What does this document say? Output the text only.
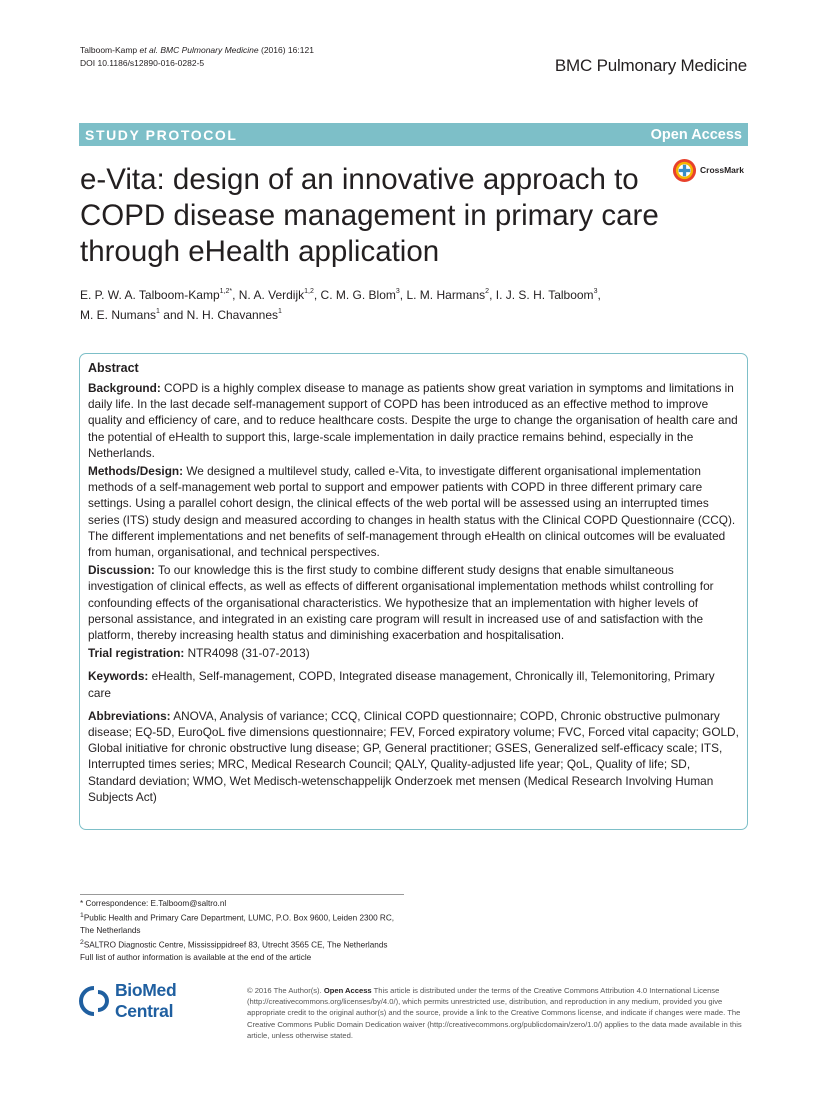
Talboom-Kamp et al. BMC Pulmonary Medicine (2016) 16:121
DOI 10.1186/s12890-016-0282-5	BMC Pulmonary Medicine
STUDY PROTOCOL	Open Access
e-Vita: design of an innovative approach to COPD disease management in primary care through eHealth application
CrossMark
E. P. W. A. Talboom-Kamp$^{1,2*}$, N. A. Verdijk$^{1,2}$, C. M. G. Blom$^3$, L. M. Harmans$^2$, I. J. S. H. Talboom$^3$,
M. E. Numans$^1$ and N. H. Chavannes$^1$
Abstract

Background: COPD is a highly complex disease to manage as patients show great variation in symptoms and limitations in daily life. In the last decade self-management support of COPD has been introduced as an effective method to improve quality and efficiency of care, and to reduce healthcare costs. Despite the urge to change the organisation of health care and the potential of eHealth to support this, large-scale implementation in daily practice remains behind, especially in the Netherlands.

Methods/Design: We designed a multilevel study, called e-Vita, to investigate different organisational implementation methods of a self-management web portal to support and empower patients with COPD in three different primary care settings. Using a parallel cohort design, the clinical effects of the web portal will be assessed using an interrupted times series (ITS) study design and measured according to changes in health status with the Clinical COPD Questionnaire (CCQ). The different implementations and net benefits of self-management through eHealth on clinical outcomes will be evaluated from human, organisational, and technical perspectives.

Discussion: To our knowledge this is the first study to combine different study designs that enable simultaneous investigation of clinical effects, as well as effects of different organisational implementation methods whilst controlling for confounding effects of the organisational characteristics. We hypothesize that an implementation with higher levels of personal assistance, and integrated in an existing care program will result in increased use of and satisfaction with the platform, thereby increasing health status and diminishing exacerbation and hospitalisation.

Trial registration: NTR4098 (31-07-2013)

Keywords: eHealth, Self-management, COPD, Integrated disease management, Chronically ill, Telemonitoring, Primary care

Abbreviations: ANOVA, Analysis of variance; CCQ, Clinical COPD questionnaire; COPD, Chronic obstructive pulmonary disease; EQ-5D, EuroQoL five dimensions questionnaire; FEV, Forced expiratory volume; FVC, Forced vital capacity; GOLD, Global initiative for chronic obstructive lung disease; GP, General practitioner; GSES, Generalized self-efficacy scale; ITS, Interrupted times series; MRC, Medical Research Council; QALY, Quality-adjusted life year; QoL, Quality of life; SD, Standard deviation; WMO, Wet Medisch-wetenschappelijk Onderzoek met mensen (Medical Research Involving Human Subjects Act)

* Correspondence: E.Talboom@saltro.nl

$^1$Public Health and Primary Care Department, LUMC, P.O. Box 9600, Leiden 2300 RC, The Netherlands

$^2$SALTRO Diagnostic Centre, Mississippidreef 83, Utrecht 3565 CE, The Netherlands

Full list of author information is available at the end of the article

BioMed Central
© 2016 The Author(s). Open Access This article is distributed under the terms of the Creative Commons Attribution 4.0 International License (http://creativecommons.org/licenses/by/4.0/), which permits unrestricted use, distribution, and reproduction in any medium, provided you give appropriate credit to the original author(s) and the source, provide a link to the Creative Commons license, and indicate if changes were made. The Creative Commons Public Domain Dedication waiver (http://creativecommons.org/publicdomain/zero/1.0/) applies to the data made available in this article, unless otherwise stated.
